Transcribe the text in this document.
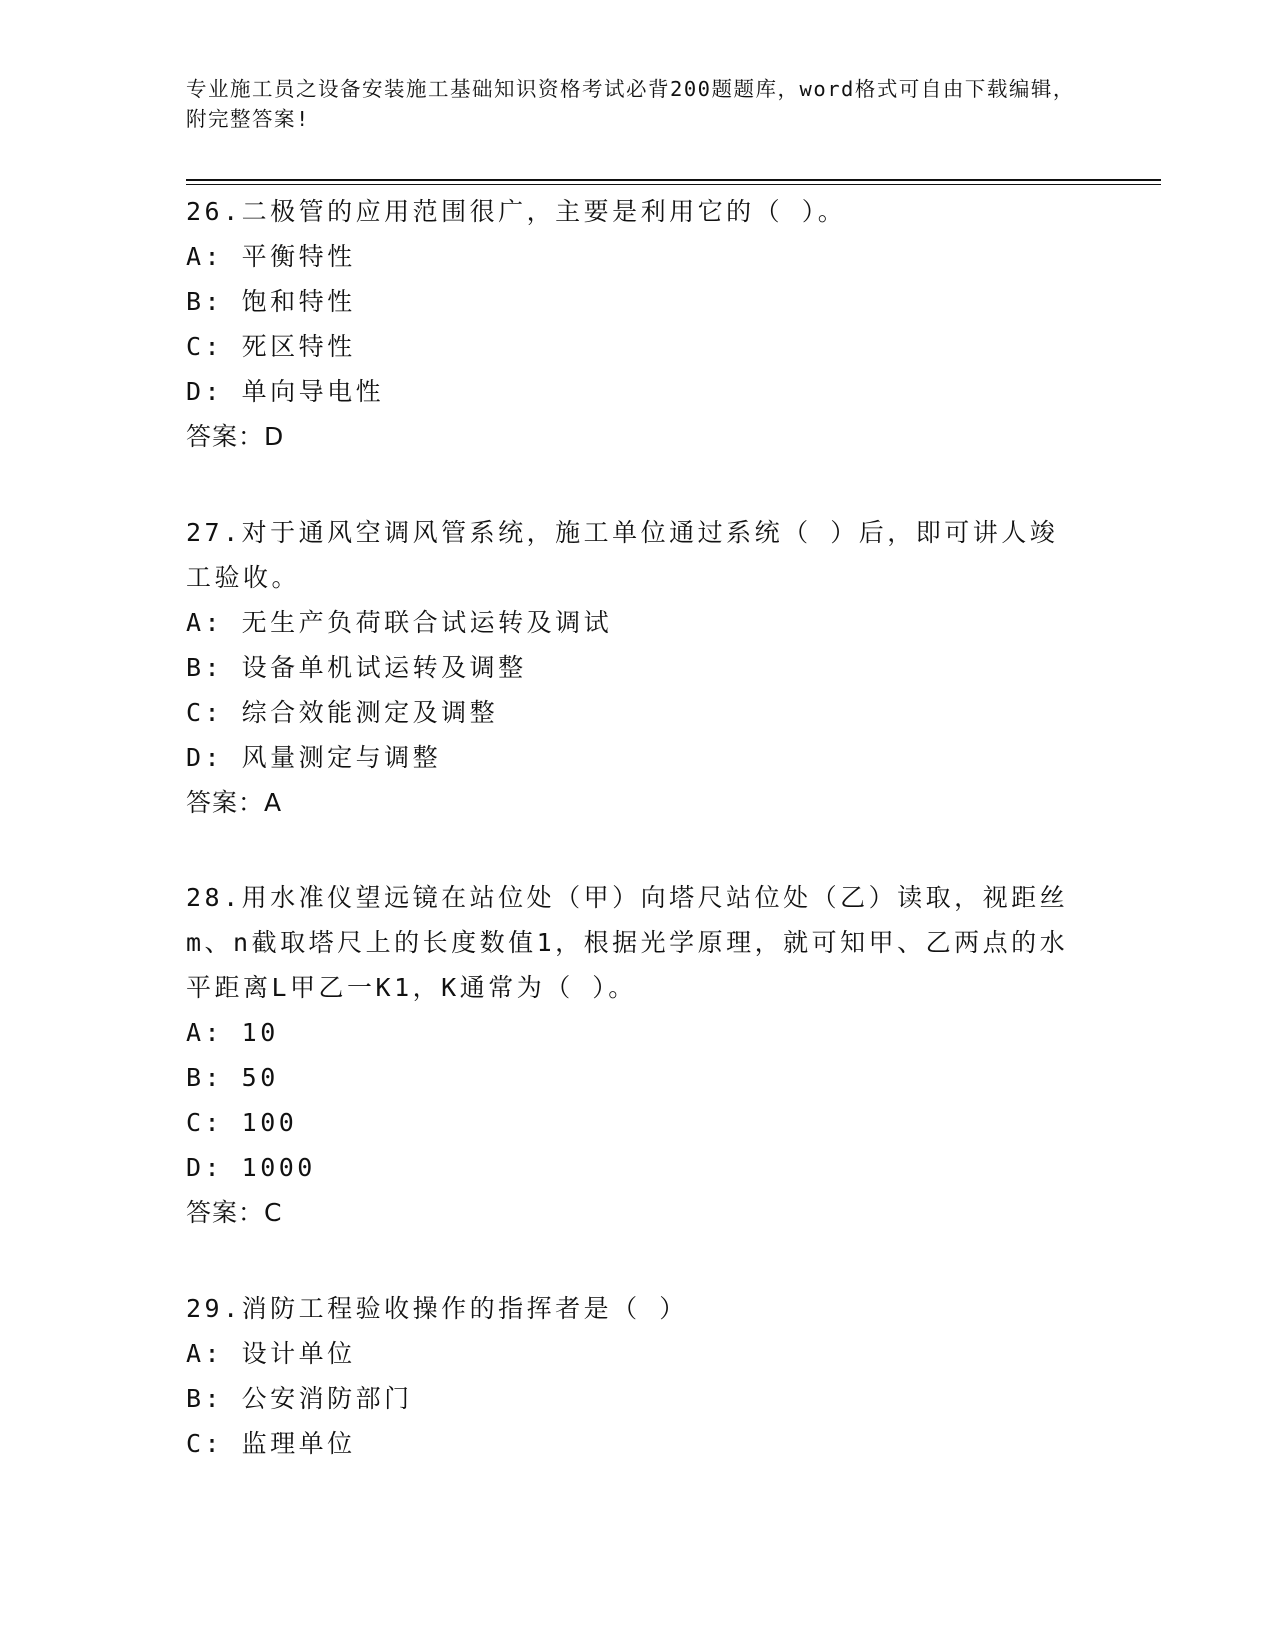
专业施工员之设备安装施工基础知识资格考试必背200题题库，word格式可自由下载编辑，附完整答案!
26.二极管的应用范围很广，主要是利用它的（ ）。
A: 平衡特性
B: 饱和特性
C: 死区特性
D: 单向导电性
答案：D
27.对于通风空调风管系统，施工单位通过系统（ ）后，即可讲人竣工验收。
A: 无生产负荷联合试运转及调试
B: 设备单机试运转及调整
C: 综合效能测定及调整
D: 风量测定与调整
答案：A
28.用水准仪望远镜在站位处（甲）向塔尺站位处（乙）读取，视距丝m、n截取塔尺上的长度数值1，根据光学原理，就可知甲、乙两点的水平距离L甲乙一K1，K通常为（ ）。
A: 10
B: 50
C: 100
D: 1000
答案：C
29.消防工程验收操作的指挥者是（ ）
A: 设计单位
B: 公安消防部门
C: 监理单位
